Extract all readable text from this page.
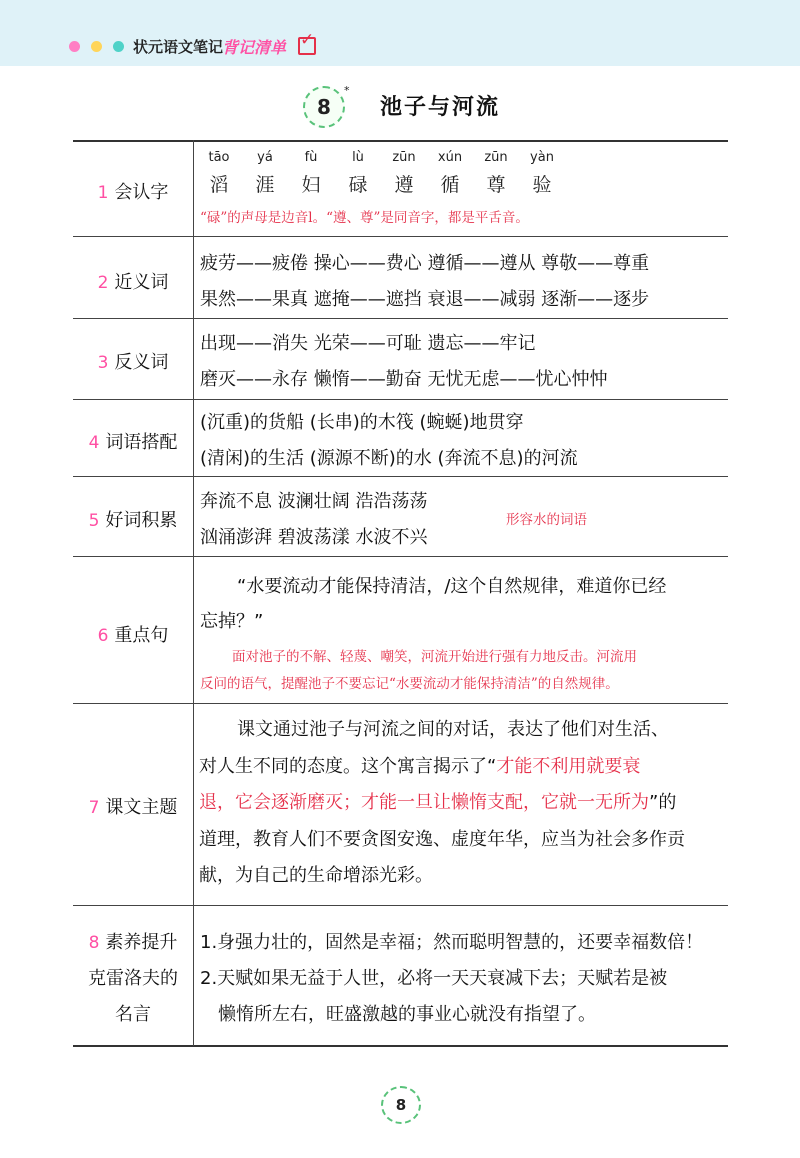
状元语文笔记
背记清单 ✓
8
*
池子与河流
1 会认字
tāo
滔
yá
涯
fù
妇
lù
碌
zūn
遵
xún
循
zūn
尊
yàn
验
“碌”的声母是边音l。“遵、尊”是同音字，都是平舌音。
2 近义词
疲劳——疲倦 操心——费心 遵循——遵从 尊敬——尊重
果然——果真 遮掩——遮挡 衰退——减弱 逐渐——逐步
3 反义词
出现——消失 光荣——可耻 遗忘——牢记
磨灭——永存 懒惰——勤奋 无忧无虑——忧心忡忡
4 词语搭配
(沉重)的货船 (长串)的木筏 (蜿蜒)地贯穿
(清闲)的生活 (源源不断)的水 (奔流不息)的河流
5 好词积累
奔流不息 波澜壮阔 浩浩荡荡
汹涌澎湃 碧波荡漾 水波不兴
形容水的词语
6 重点句
“水要流动才能保持清洁，/这个自然规律，难道你已经
忘掉？”
面对池子的不解、轻蔑、嘲笑，河流开始进行强有力地反击。河流用
反问的语气，提醒池子不要忘记“水要流动才能保持清洁”的自然规律。
7 课文主题
课文通过池子与河流之间的对话，表达了他们对生活、
对人生不同的态度。这个寓言揭示了“才能不利用就要衰
退，它会逐渐磨灭；才能一旦让懒惰支配，它就一无所为”的
道理，教育人们不要贪图安逸、虚度年华，应当为社会多作贡
献，为自己的生命增添光彩。
8 素养提升
克雷洛夫的
名言
1.身强力壮的，固然是幸福；然而聪明智慧的，还要幸福数倍！
2.天赋如果无益于人世，必将一天天衰减下去；天赋若是被
懒惰所左右，旺盛激越的事业心就没有指望了。
8
